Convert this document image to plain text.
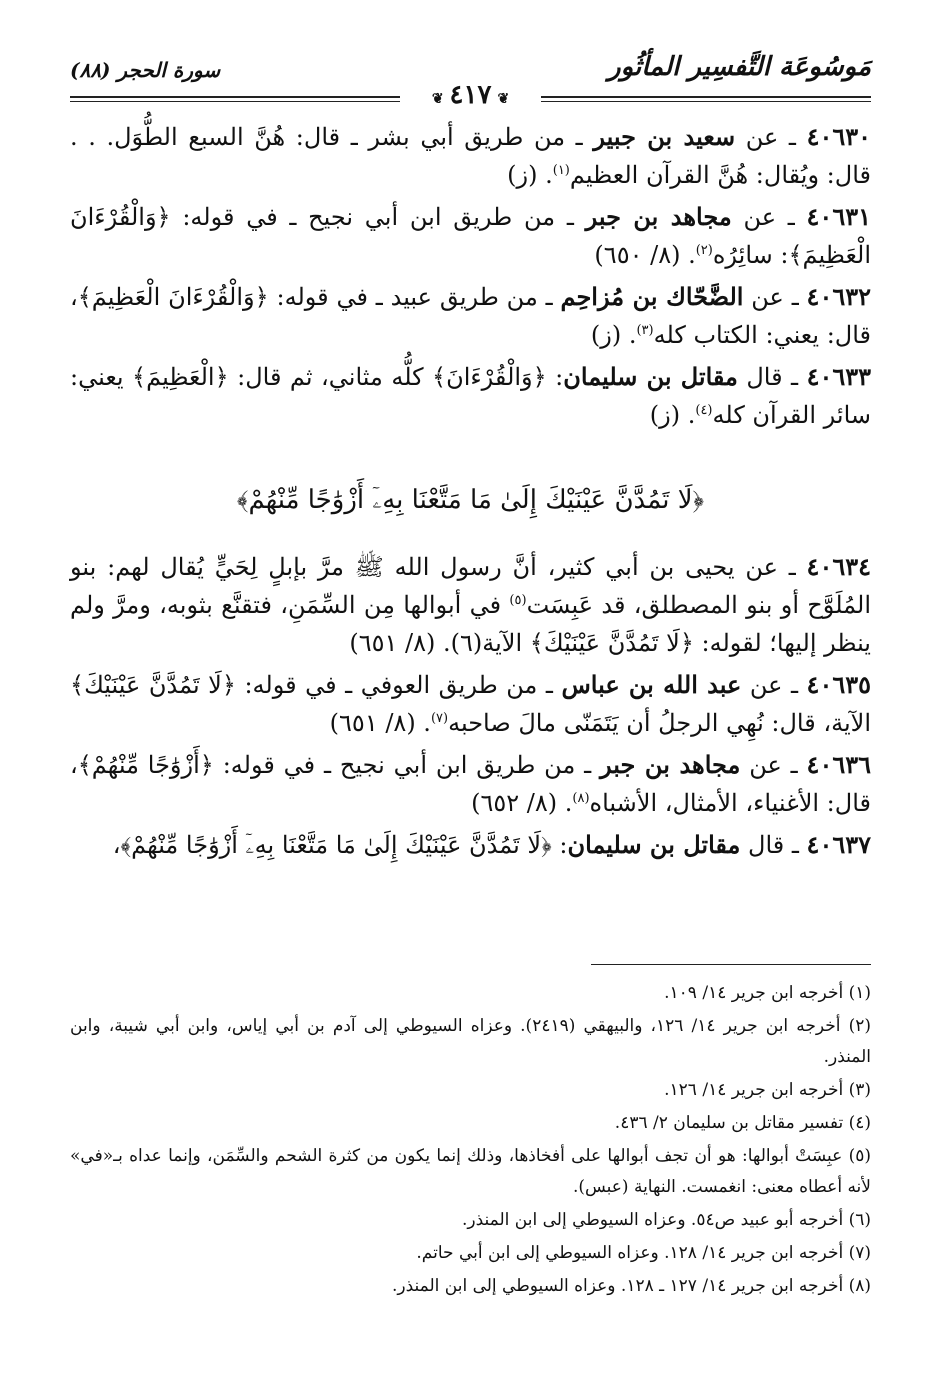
مَوسُوعَة التَّفسِير المأثُور
سورة الحجر (٨٨)
❦٤١٧❦

٤٠٦٣٠ ـ عن سعيد بن جبير ـ من طريق أبي بشر ـ قال: هُنَّ السبع الطُّوَل. . . قال: ويُقال: هُنَّ القرآن العظيم$^{(١)}$. (ز)

٤٠٦٣١ ـ عن مجاهد بن جبر ـ من طريق ابن أبي نجيح ـ في قوله: ﴿وَالْقُرْءَانَ الْعَظِيمَ﴾: سائِرُه$^{(٢)}$. (٨/ ٦٥٠)

٤٠٦٣٢ ـ عن الضَّحّاك بن مُزاحِم ـ من طريق عبيد ـ في قوله: ﴿وَالْقُرْءَانَ الْعَظِيمَ﴾، قال: يعني: الكتاب كله$^{(٣)}$. (ز)

٤٠٦٣٣ ـ قال مقاتل بن سليمان: ﴿وَالْقُرْءَانَ﴾ كلُّه مثاني، ثم قال: ﴿الْعَظِيمَ﴾ يعني: سائر القرآن كله$^{(٤)}$. (ز)

﴿لَا تَمُدَّنَّ عَيْنَيْكَ إِلَىٰ مَا مَتَّعْنَا بِهِۦٓ أَزْوَٰجًا مِّنْهُمْ﴾

٤٠٦٣٤ ـ عن يحيى بن أبي كثير، أنَّ رسول الله ﷺ مرَّ بإبلٍ لِحَيٍّ يُقال لهم: بنو المُلَوَّح أو بنو المصطلق، قد عَبِسَت$^{(٥)}$ في أبوالها مِن السِّمَنِ، فتقنَّع بثوبه، ومرَّ ولم ينظر إليها؛ لقوله: ﴿لَا تَمُدَّنَّ عَيْنَيْكَ﴾ الآية(٦). (٨/ ٦٥١)

٤٠٦٣٥ ـ عن عبد الله بن عباس ـ من طريق العوفي ـ في قوله: ﴿لَا تَمُدَّنَّ عَيْنَيْكَ﴾ الآية، قال: نُهِي الرجلُ أن يَتَمَنّى مالَ صاحبه$^{(٧)}$. (٨/ ٦٥١)

٤٠٦٣٦ ـ عن مجاهد بن جبر ـ من طريق ابن أبي نجيح ـ في قوله: ﴿أَزْوَٰجًا مِّنْهُمْ﴾، قال: الأغنياء، الأمثال، الأشباه$^{(٨)}$. (٨/ ٦٥٢)

٤٠٦٣٧ ـ قال مقاتل بن سليمان: ﴿لَا تَمُدَّنَّ عَيْنَيْكَ إِلَىٰ مَا مَتَّعْنَا بِهِۦٓ أَزْوَٰجًا مِّنْهُمْ﴾،

(١) أخرجه ابن جرير ١٤/ ١٠٩.

(٢) أخرجه ابن جرير ١٤/ ١٢٦، والبيهقي (٢٤١٩). وعزاه السيوطي إلى آدم بن أبي إياس، وابن أبي شيبة، وابن المنذر.

(٣) أخرجه ابن جرير ١٤/ ١٢٦.

(٤) تفسير مقاتل بن سليمان ٢/ ٤٣٦.

(٥) عبِسَتْ أبوالها: هو أن تجف أبوالها على أفخاذها، وذلك إنما يكون من كثرة الشحم والسِّمَن، وإنما عداه بـ«في» لأنه أعطاه معنى: انغمست. النهاية (عبس).

(٦) أخرجه أبو عبيد ص٥٤. وعزاه السيوطي إلى ابن المنذر.

(٧) أخرجه ابن جرير ١٤/ ١٢٨. وعزاه السيوطي إلى ابن أبي حاتم.

(٨) أخرجه ابن جرير ١٤/ ١٢٧ ـ ١٢٨. وعزاه السيوطي إلى ابن المنذر.
